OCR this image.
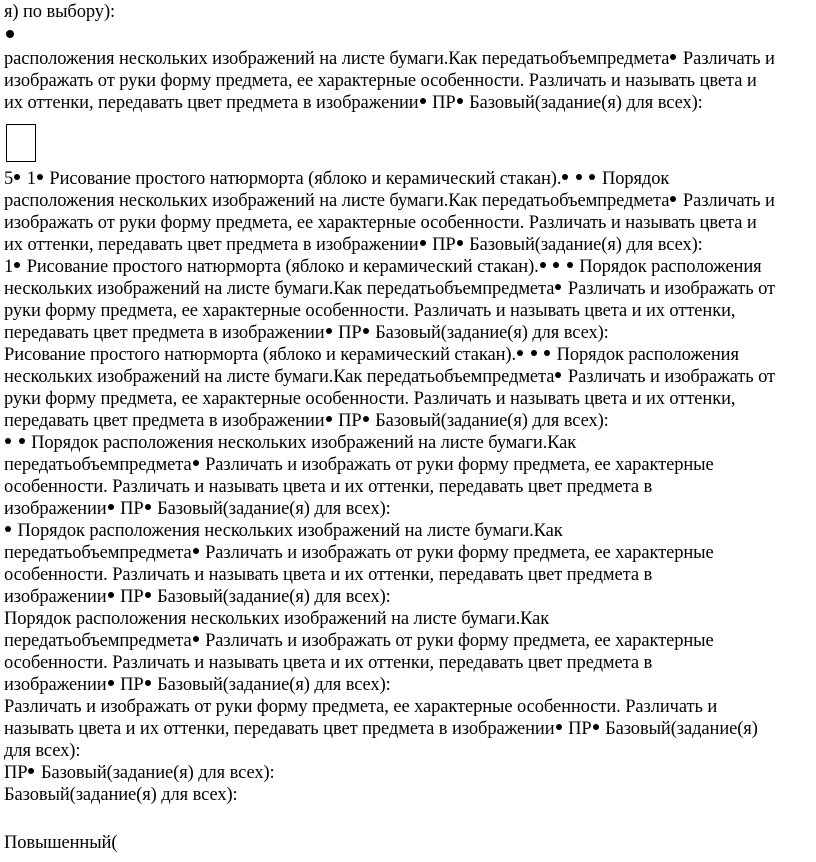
я) по выбору):
расположения нескольких изображений на листе бумаги.Как передатьобъемпредмета Различать и
изображать от руки форму предмета, ее характерные особенности. Различать и называть цвета и
их оттенки, передавать цвет предмета в изображении ПР Базовый(задание(я) для всех):
5 1 Рисование простого натюрморта (яблоко и керамический стакан). Порядок
расположения нескольких изображений на листе бумаги.Как передатьобъемпредмета Различать и
изображать от руки форму предмета, ее характерные особенности. Различать и называть цвета и
их оттенки, передавать цвет предмета в изображении ПР Базовый(задание(я) для всех):
1 Рисование простого натюрморта (яблоко и керамический стакан). Порядок расположения
нескольких изображений на листе бумаги.Как передатьобъемпредмета Различать и изображать от
руки форму предмета, ее характерные особенности. Различать и называть цвета и их оттенки,
передавать цвет предмета в изображении ПР Базовый(задание(я) для всех):
Рисование простого натюрморта (яблоко и керамический стакан). Порядок расположения
нескольких изображений на листе бумаги.Как передатьобъемпредмета Различать и изображать от
руки форму предмета, ее характерные особенности. Различать и называть цвета и их оттенки,
передавать цвет предмета в изображении ПР Базовый(задание(я) для всех):
Порядок расположения нескольких изображений на листе бумаги.Как
передатьобъемпредмета Различать и изображать от руки форму предмета, ее характерные
особенности. Различать и называть цвета и их оттенки, передавать цвет предмета в
изображении ПР Базовый(задание(я) для всех):
Порядок расположения нескольких изображений на листе бумаги.Как
передатьобъемпредмета Различать и изображать от руки форму предмета, ее характерные
особенности. Различать и называть цвета и их оттенки, передавать цвет предмета в
изображении ПР Базовый(задание(я) для всех):
Порядок расположения нескольких изображений на листе бумаги.Как
передатьобъемпредмета Различать и изображать от руки форму предмета, ее характерные
особенности. Различать и называть цвета и их оттенки, передавать цвет предмета в
изображении ПР Базовый(задание(я) для всех):
Различать и изображать от руки форму предмета, ее характерные особенности. Различать и
называть цвета и их оттенки, передавать цвет предмета в изображении ПР Базовый(задание(я)
для всех):
ПР Базовый(задание(я) для всех):
Базовый(задание(я) для всех):
Повышенный(
